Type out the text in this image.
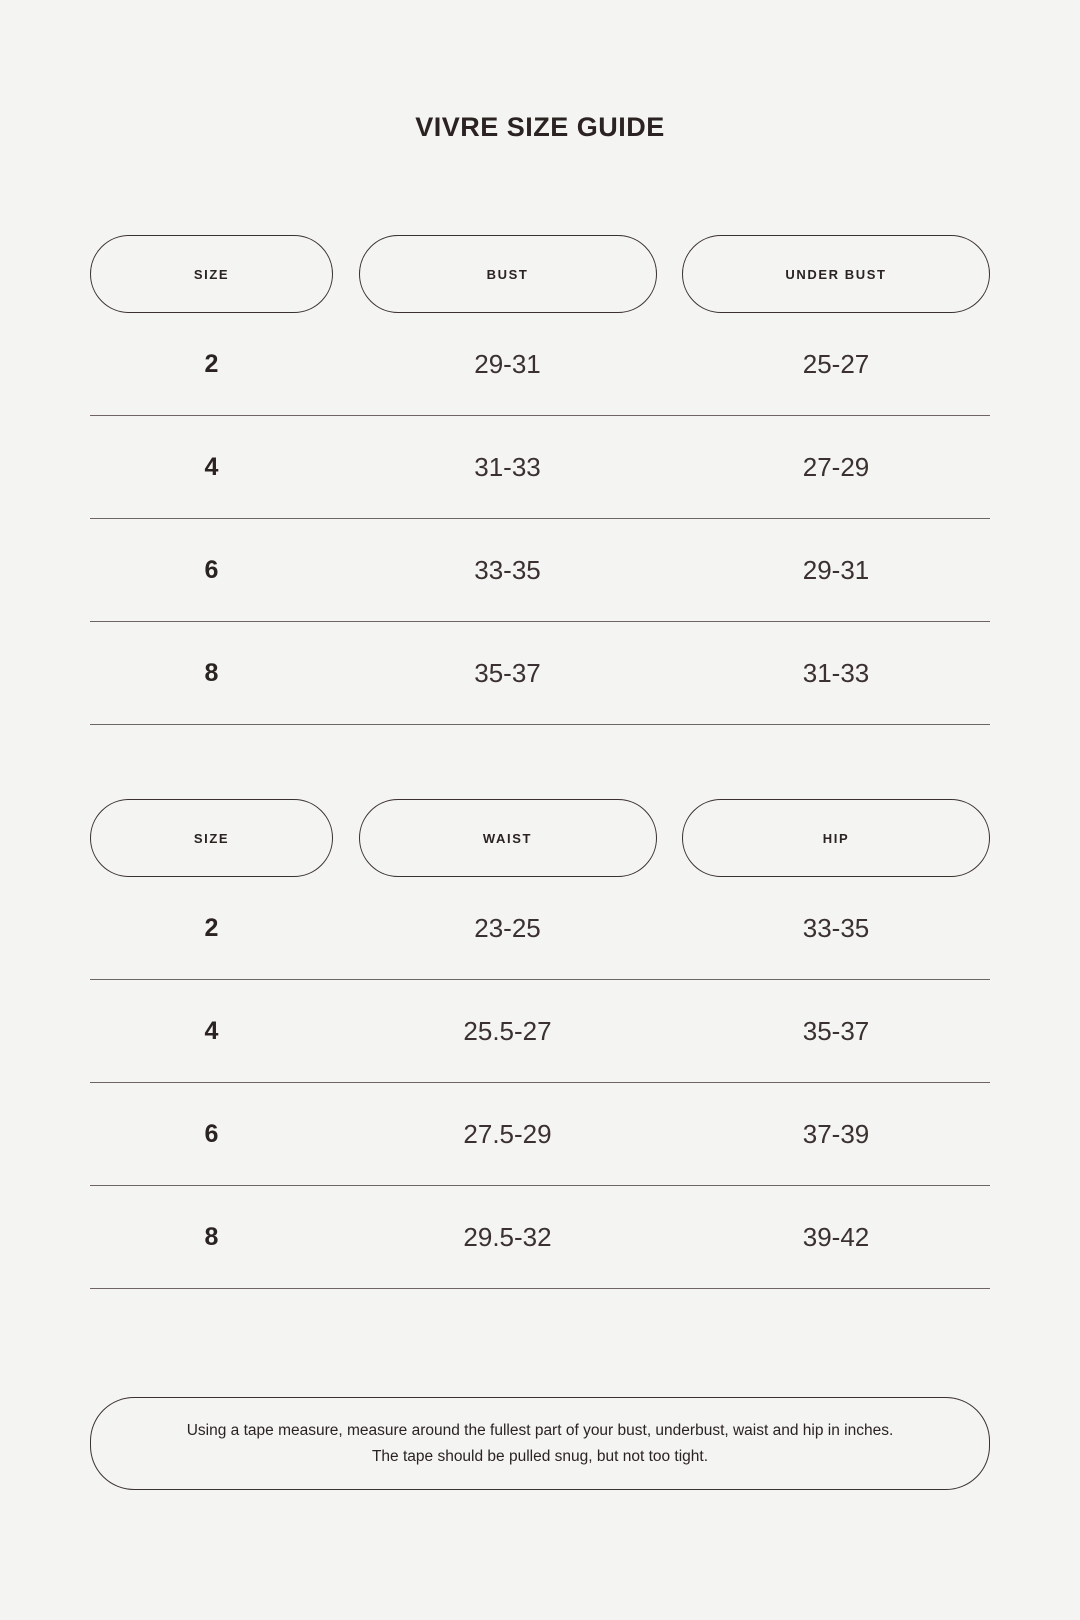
VIVRE SIZE GUIDE
SIZE	BUST	UNDER BUST
2	29-31	25-27
4	31-33	27-29
6	33-35	29-31
8	35-37	31-33
SIZE	WAIST	HIP
2	23-25	33-35
4	25.5-27	35-37
6	27.5-29	37-39
8	29.5-32	39-42
Using a tape measure, measure around the fullest part of your bust, underbust, waist and hip in inches.
The tape should be pulled snug, but not too tight.
